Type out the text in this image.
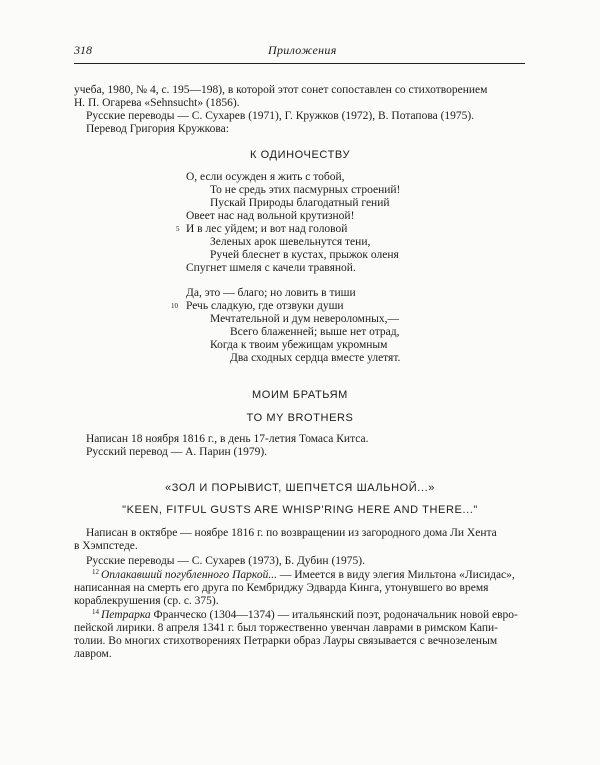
318	Приложения
учеба, 1980, № 4, с. 195—198), в которой этот сонет сопоставлен со стихотворением
Н. П. Огарева «Sehnsucht» (1856).
Русские переводы — С. Сухарев (1971), Г. Кружков (1972), В. Потапова (1975).
Перевод Григория Кружкова:
К ОДИНОЧЕСТВУ
О, если осужден я жить с тобой,
То не средь этих пасмурных строений!
Пускай Природы благодатный гений
Овеет нас над вольной крутизной!
5 И в лес уйдем; и вот над головой
Зеленых арок шевельнутся тени,
Ручей блеснет в кустах, прыжок оленя
Спугнет шмеля с качели травяной.
Да, это — благо; но ловить в тиши
10 Речь сладкую, где отзвуки души
Мечтательной и дум невероломных,—
Всего блаженней; выше нет отрад,
Когда к твоим убежищам укромным
Два сходных сердца вместе улетят.
МОИМ БРАТЬЯМ
TO MY BROTHERS
Написан 18 ноября 1816 г., в день 17-летия Томаса Китса.
Русский перевод — А. Парин (1979).
«ЗОЛ И ПОРЫВИСТ, ШЕПЧЕТСЯ ШАЛЬНОЙ...»
"KEEN, FITFUL GUSTS ARE WHISP'RING HERE AND THERE..."
Написан в октябре — ноябре 1816 г. по возвращении из загородного дома Ли Хента
в Хэмпстеде.
Русские переводы — С. Сухарев (1973), Б. Дубин (1975).
$^{12}$ Оплакавший погубленного Паркой... — Имеется в виду элегия Мильтона «Лисидас»,
написанная на смерть его друга по Кембриджу Эдварда Кинга, утонувшего во время
кораблекрушения (ср. с. 375).
$^{14}$ Петрарка Франческо (1304—1374) — итальянский поэт, родоначальник новой евро-
пейской лирики. 8 апреля 1341 г. был торжественно увенчан лаврами в римском Капи-
толии. Во многих стихотворениях Петрарки образ Лауры связывается с вечнозеленым
лавром.
